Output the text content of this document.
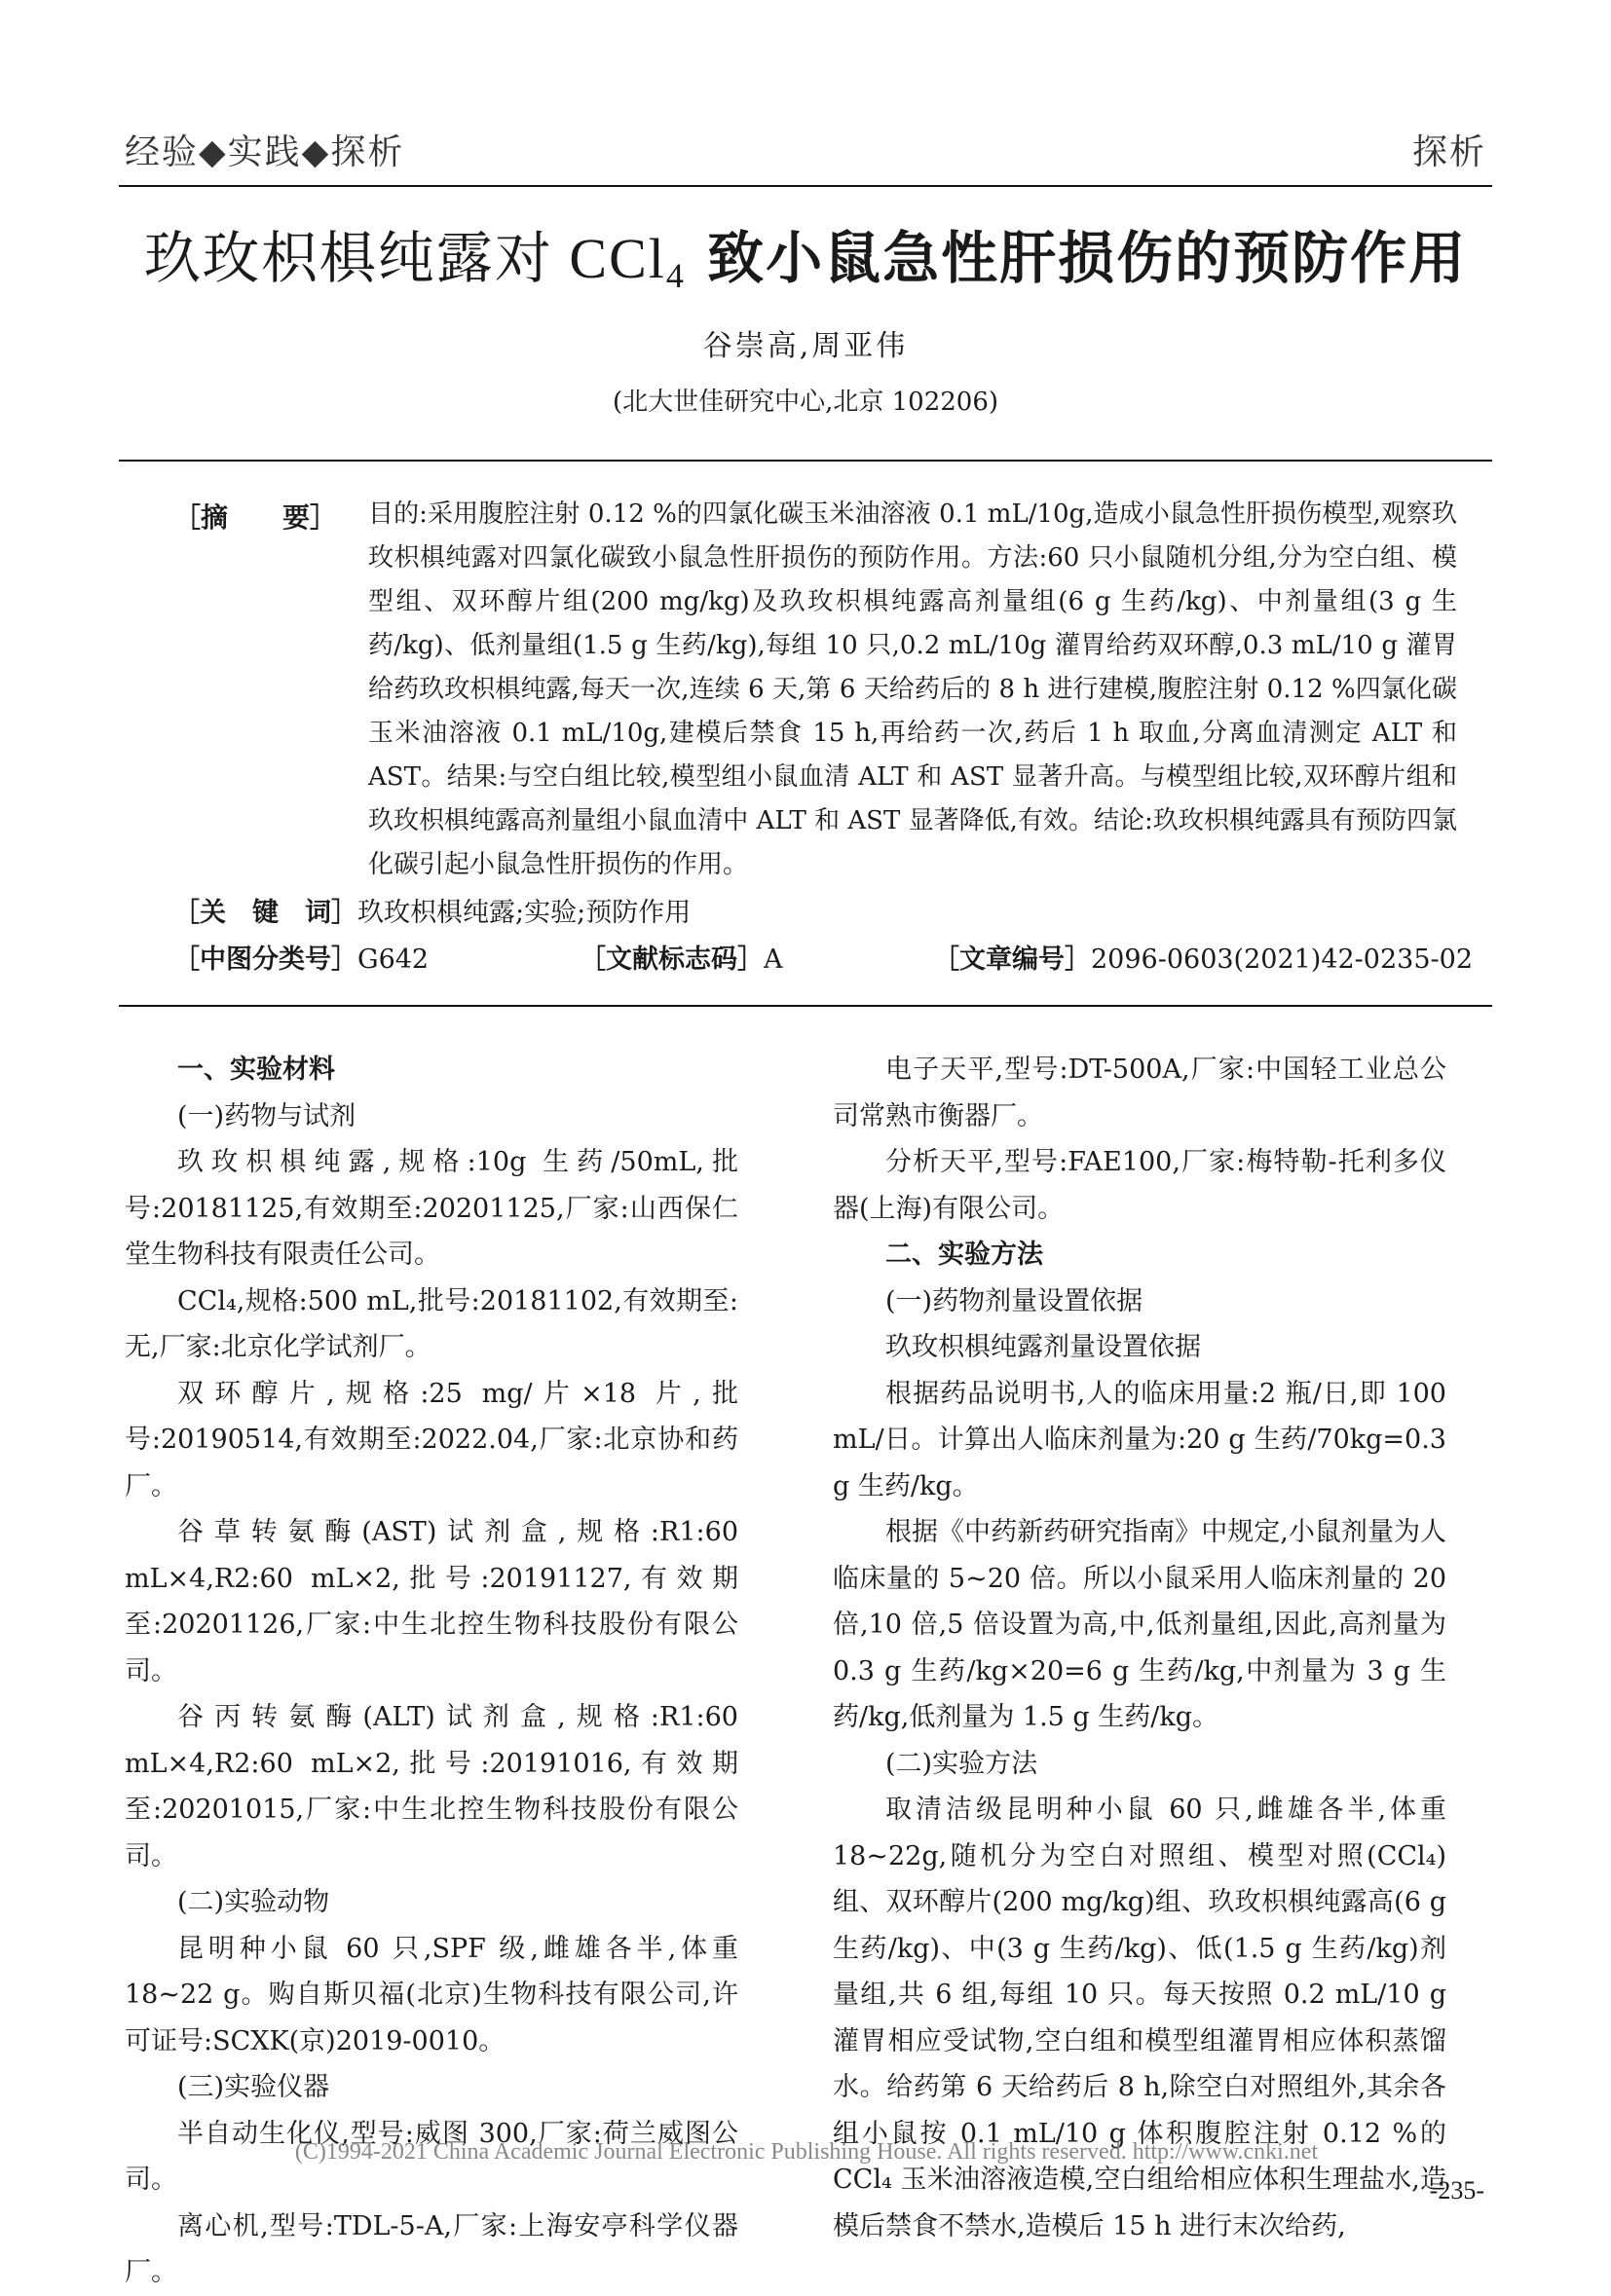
经验◆实践◆探析	探析
玖玫枳椇纯露对 CCl$_4$ 致小鼠急性肝损伤的预防作用
谷崇高,周亚伟
(北大世佳研究中心,北京 102206)
［摘　　要］ 目的:采用腹腔注射 0.12 %的四氯化碳玉米油溶液 0.1 mL/10g,造成小鼠急性肝损伤模型,观察玖玫枳椇纯露对四氯化碳致小鼠急性肝损伤的预防作用。方法:60 只小鼠随机分组,分为空白组、模型组、双环醇片组(200 mg/kg)及玖玫枳椇纯露高剂量组(6 g 生药/kg)、中剂量组(3 g 生药/kg)、低剂量组(1.5 g 生药/kg),每组 10 只,0.2 mL/10g 灌胃给药双环醇,0.3 mL/10 g 灌胃给药玖玫枳椇纯露,每天一次,连续 6 天,第 6 天给药后的 8 h 进行建模,腹腔注射 0.12 %四氯化碳玉米油溶液 0.1 mL/10g,建模后禁食 15 h,再给药一次,药后 1 h 取血,分离血清测定 ALT 和 AST。结果:与空白组比较,模型组小鼠血清 ALT 和 AST 显著升高。与模型组比较,双环醇片组和玖玫枳椇纯露高剂量组小鼠血清中 ALT 和 AST 显著降低,有效。结论:玖玫枳椇纯露具有预防四氯化碳引起小鼠急性肝损伤的作用。
［关　键　词］玖玫枳椇纯露;实验;预防作用
［中图分类号］G642	［文献标志码］A	［文章编号］2096-0603(2021)42-0235-02

一、实验材料

(一)药物与试剂

玖玫枳椇纯露,规格:10g 生药/50mL,批号:20181125,有效期至:20201125,厂家:山西保仁堂生物科技有限责任公司。

CCl₄,规格:500 mL,批号:20181102,有效期至:无,厂家:北京化学试剂厂。

双环醇片,规格:25 mg/片×18 片,批号:20190514,有效期至:2022.04,厂家:北京协和药厂。

谷草转氨酶(AST)试剂盒,规格:R1:60 mL×4,R2:60 mL×2,批号:20191127,有效期至:20201126,厂家:中生北控生物科技股份有限公司。

谷丙转氨酶(ALT)试剂盒,规格:R1:60 mL×4,R2:60 mL×2,批号:20191016,有效期至:20201015,厂家:中生北控生物科技股份有限公司。

(二)实验动物

昆明种小鼠 60 只,SPF 级,雌雄各半,体重 18~22 g。购自斯贝福(北京)生物科技有限公司,许可证号:SCXK(京)2019-0010。

(三)实验仪器

半自动生化仪,型号:威图 300,厂家:荷兰威图公司。

离心机,型号:TDL-5-A,厂家:上海安亭科学仪器厂。

电子天平,型号:DT-500A,厂家:中国轻工业总公司常熟市衡器厂。

分析天平,型号:FAE100,厂家:梅特勒-托利多仪器(上海)有限公司。

二、实验方法

(一)药物剂量设置依据

玖玫枳椇纯露剂量设置依据

根据药品说明书,人的临床用量:2 瓶/日,即 100 mL/日。计算出人临床剂量为:20 g 生药/70kg=0.3 g 生药/kg。

根据《中药新药研究指南》中规定,小鼠剂量为人临床量的 5~20 倍。所以小鼠采用人临床剂量的 20 倍,10 倍,5 倍设置为高,中,低剂量组,因此,高剂量为 0.3 g 生药/kg×20=6 g 生药/kg,中剂量为 3 g 生药/kg,低剂量为 1.5 g 生药/kg。

(二)实验方法

取清洁级昆明种小鼠 60 只,雌雄各半,体重 18~22g,随机分为空白对照组、模型对照(CCl₄)组、双环醇片(200 mg/kg)组、玖玫枳椇纯露高(6 g 生药/kg)、中(3 g 生药/kg)、低(1.5 g 生药/kg)剂量组,共 6 组,每组 10 只。每天按照 0.2 mL/10 g 灌胃相应受试物,空白组和模型组灌胃相应体积蒸馏水。给药第 6 天给药后 8 h,除空白对照组外,其余各组小鼠按 0.1 mL/10 g 体积腹腔注射 0.12 %的 CCl₄ 玉米油溶液造模,空白组给相应体积生理盐水,造模后禁食不禁水,造模后 15 h 进行末次给药,

(C)1994-2021 China Academic Journal Electronic Publishing House. All rights reserved. http://www.cnki.net
-235-
